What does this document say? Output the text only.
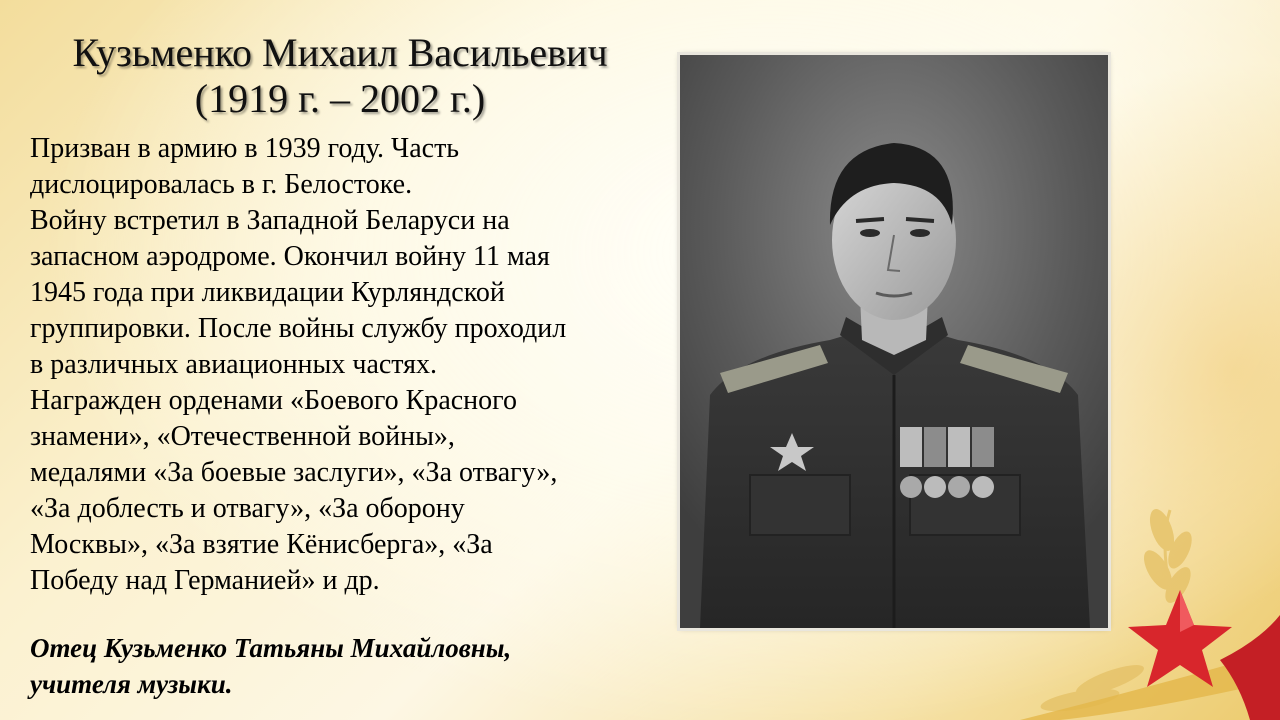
Кузьменко Михаил Васильевич
(1919 г. – 2002 г.)
Призван в армию в 1939 году. Часть
дислоцировалась в г. Белостоке.
Войну встретил в Западной Беларуси на
запасном аэродроме. Окончил войну 11 мая
1945 года при ликвидации Курляндской
группировки. После войны службу проходил
в различных авиационных частях.
Награжден орденами «Боевого Красного
знамени», «Отечественной войны»,
медалями «За боевые заслуги», «За отвагу»,
«За доблесть и отвагу», «За оборону
Москвы», «За взятие Кёнисберга», «За
Победу над Германией» и др.
Отец Кузьменко Татьяны Михайловны,
учителя музыки.
